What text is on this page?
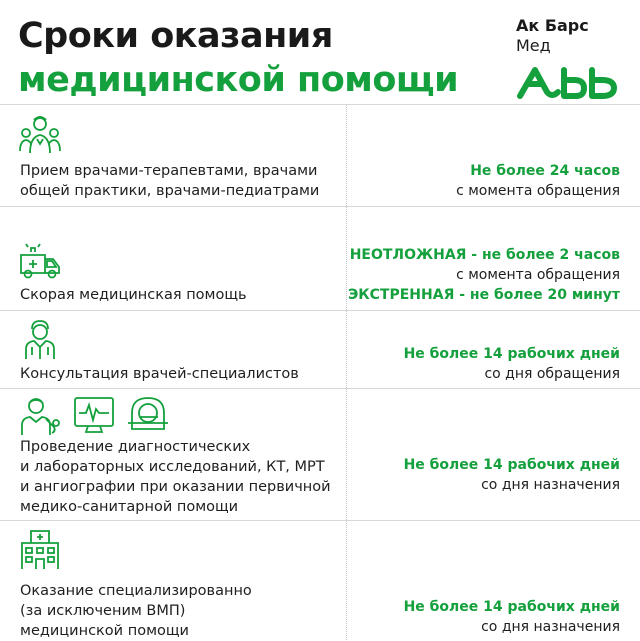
Сроки оказания
медицинской помощи
Ак Барс
Мед
Прием врачами-терапевтами, врачами
общей практики, врачами-педиатрами
Не более 24 часов
с момента обращения
Скорая медицинская помощь
НЕОТЛОЖНАЯ - не более 2 часов
с момента обращения
ЭКСТРЕННАЯ - не более 20 минут
Консультация врачей-специалистов
Не более 14 рабочих дней
со дня обращения
Проведение диагностических
и лабораторных исследований, КТ, МРТ
и ангиографии при оказании первичной
медико-санитарной помощи
Не более 14 рабочих дней
со дня назначения
Оказание специализированно
(за исключеним ВМП)
медицинской помощи
Не более 14 рабочих дней
со дня назначения
